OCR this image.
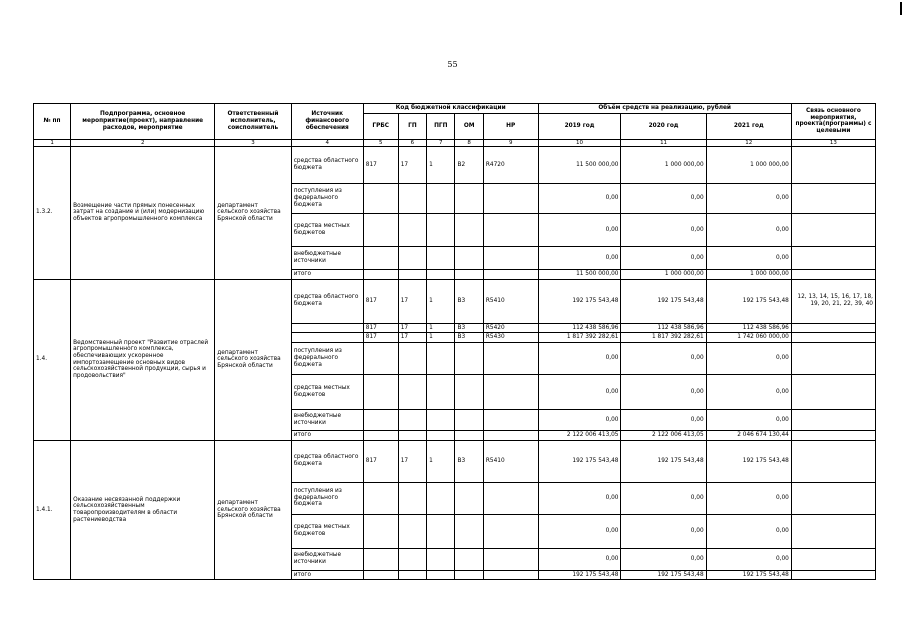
55
№ пп	Подпрограмма, основное мероприятие(проект), направление расходов, мероприятие	Ответственный исполнитель, соисполнитель	Источник финансового обеспечения	Код бюджетной классификации					Объём средств на реализацию, рублей			Связь основного мероприятия, проекта(программы) с целевыми
				ГРБС	ГП	ПГП	ОМ	НР	2019 год	2020 год	2021 год	
1	2	3	4	5	6	7	8	9	10	11	12	13
1.3.2.	Возмещение части прямых понесенных затрат на создание и (или) модернизацию объектов агропромышленного комплекса	департамент сельского хозяйства Брянской области	средства областного бюджета	817	17	1	В2	R4720	11 500 000,00	1 000 000,00	1 000 000,00	
			поступления из федерального бюджета						0,00	0,00	0,00	
			средства местных бюджетов						0,00	0,00	0,00	
			внебюджетные источники						0,00	0,00	0,00	
			итого						11 500 000,00	1 000 000,00	1 000 000,00	
1.4.	Ведомственный проект "Развитие отраслей агропромышленного комплекса, обеспечивающих ускоренное импортозамещение основных видов сельскохозяйственной продукции, сырья и продовольствия"	департамент сельского хозяйства Брянской области	средства областного бюджета	817	17	1	В3	R5410	192 175 543,48	192 175 543,48	192 175 543,48	12, 13, 14, 15, 16, 17, 18, 19, 20, 21, 22, 39, 40
				817	17	1	В3	R5420	112 438 586,96	112 438 586,96	112 438 586,96	
				817	17	1	В3	R5430	1 817 392 282,61	1 817 392 282,61	1 742 060 000,00	
			поступления из федерального бюджета						0,00	0,00	0,00	
			средства местных бюджетов						0,00	0,00	0,00	
			внебюджетные источники						0,00	0,00	0,00	
			итого						2 122 006 413,05	2 122 006 413,05	2 046 674 130,44	
1.4.1.	Оказание несвязанной поддержки сельскохозяйственным товаропроизводителям в области растениеводства	департамент сельского хозяйства Брянской области	средства областного бюджета	817	17	1	В3	R5410	192 175 543,48	192 175 543,48	192 175 543,48	
			поступления из федерального бюджета						0,00	0,00	0,00	
			средства местных бюджетов						0,00	0,00	0,00	
			внебюджетные источники						0,00	0,00	0,00	
			итого						192 175 543,48	192 175 543,48	192 175 543,48	
